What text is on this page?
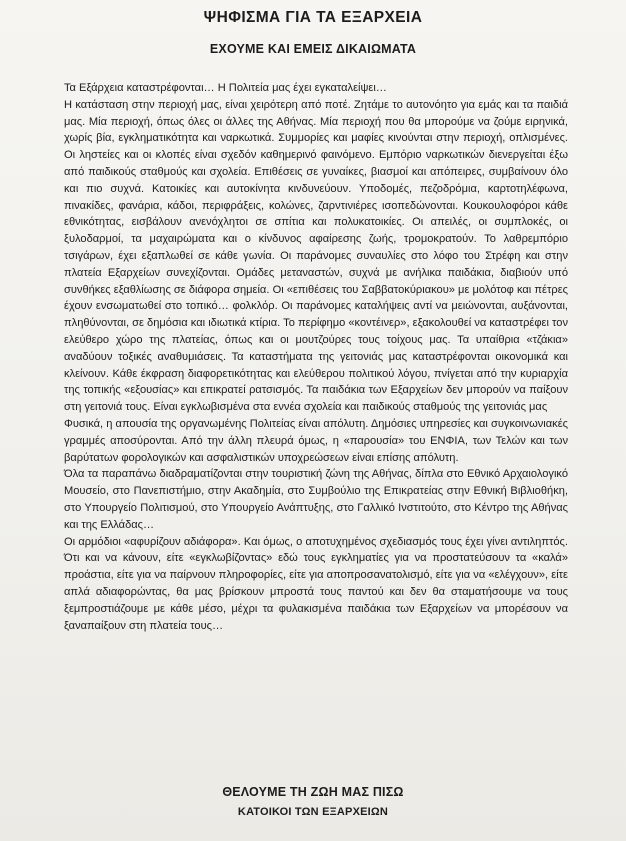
ΨΗΦΙΣΜΑ ΓΙΑ ΤΑ ΕΞΑΡΧΕΙΑ
ΕΧΟΥΜΕ ΚΑΙ ΕΜΕΙΣ ΔΙΚΑΙΩΜΑΤΑ

Τα Εξάρχεια καταστρέφονται… Η Πολιτεία μας έχει εγκαταλείψει…

Η κατάσταση στην περιοχή μας, είναι χειρότερη από ποτέ. Ζητάμε το αυτονόητο για εμάς και τα παιδιά μας. Μία περιοχή, όπως όλες οι άλλες της Αθήνας. Μία περιοχή που θα μπορούμε να ζούμε ειρηνικά, χωρίς βία, εγκληματικότητα και ναρκωτικά. Συμμορίες και μαφίες κινούνται στην περιοχή, οπλισμένες. Οι ληστείες και οι κλοπές είναι σχεδόν καθημερινό φαινόμενο. Εμπόριο ναρκωτικών διενεργείται έξω από παιδικούς σταθμούς και σχολεία. Επιθέσεις σε γυναίκες, βιασμοί και απόπειρες, συμβαίνουν όλο και πιο συχνά. Κατοικίες και αυτοκίνητα κινδυνεύουν. Υποδομές, πεζοδρόμια, καρτοτηλέφωνα, πινακίδες, φανάρια, κάδοι, περιφράξεις, κολώνες, ζαρντινιέρες ισοπεδώνονται. Κουκουλοφόροι κάθε εθνικότητας, εισβάλουν ανενόχλητοι σε σπίτια και πολυκατοικίες. Οι απειλές, οι συμπλοκές, οι ξυλοδαρμοί, τα μαχαιρώματα και ο κίνδυνος αφαίρεσης ζωής, τρομοκρατούν. Το λαθρεμπόριο τσιγάρων, έχει εξαπλωθεί σε κάθε γωνία. Οι παράνομες συναυλίες στο λόφο του Στρέφη και στην πλατεία Εξαρχείων συνεχίζονται. Ομάδες μεταναστών, συχνά με ανήλικα παιδάκια, διαβιούν υπό συνθήκες εξαθλίωσης σε διάφορα σημεία. Οι «επιθέσεις του Σαββατοκύριακου» με μολότοφ και πέτρες έχουν ενσωματωθεί στο τοπικό… φολκλόρ. Οι παράνομες καταλήψεις αντί να μειώνονται, αυξάνονται, πληθύνονται, σε δημόσια και ιδιωτικά κτίρια. Το περίφημο «κοντέινερ», εξακολουθεί να καταστρέφει τον ελεύθερο χώρο της πλατείας, όπως και οι μουτζούρες τους τοίχους μας. Τα υπαίθρια «τζάκια» αναδύουν τοξικές αναθυμιάσεις. Τα καταστήματα της γειτονιάς μας καταστρέφονται οικονομικά και κλείνουν. Κάθε έκφραση διαφορετικότητας και ελεύθερου πολιτικού λόγου, πνίγεται από την κυριαρχία της τοπικής «εξουσίας» και επικρατεί ρατσισμός. Τα παιδάκια των Εξαρχείων δεν μπορούν να παίξουν στη γειτονιά τους. Είναι εγκλωβισμένα στα εννέα σχολεία και παιδικούς σταθμούς της γειτονιάς μας

Φυσικά, η απουσία της οργανωμένης Πολιτείας είναι απόλυτη. Δημόσιες υπηρεσίες και συγκοινωνιακές γραμμές αποσύρονται. Από την άλλη πλευρά όμως, η «παρουσία» του ΕΝΦΙΑ, των Τελών και των βαρύτατων φορολογικών και ασφαλιστικών υποχρεώσεων είναι επίσης απόλυτη.

Όλα τα παραπάνω διαδραματίζονται στην τουριστική ζώνη της Αθήνας, δίπλα στο Εθνικό Αρχαιολογικό Μουσείο, στο Πανεπιστήμιο, στην Ακαδημία, στο Συμβούλιο της Επικρατείας στην Εθνική Βιβλιοθήκη, στο Υπουργείο Πολιτισμού, στο Υπουργείο Ανάπτυξης, στο Γαλλικό Ινστιτούτο, στο Κέντρο της Αθήνας και της Ελλάδας…

Οι αρμόδιοι «αφυρίζουν αδιάφορα». Και όμως, ο αποτυχημένος σχεδιασμός τους έχει γίνει αντιληπτός. Ότι και να κάνουν, είτε «εγκλωβίζοντας» εδώ τους εγκληματίες για να προστατεύσουν τα «καλά» προάστια, είτε για να παίρνουν πληροφορίες, είτε για αποπροσανατολισμό, είτε για να «ελέγχουν», είτε απλά αδιαφορώντας, θα μας βρίσκουν μπροστά τους παντού και δεν θα σταματήσουμε να τους ξεμπροστιάζουμε με κάθε μέσο, μέχρι τα φυλακισμένα παιδάκια των Εξαρχείων να μπορέσουν να ξαναπαίξουν στη πλατεία τους…

ΘΕΛΟΥΜΕ ΤΗ ΖΩΗ ΜΑΣ ΠΙΣΩ
ΚΑΤΟΙΚΟΙ ΤΩΝ ΕΞΑΡΧΕΙΩΝ
